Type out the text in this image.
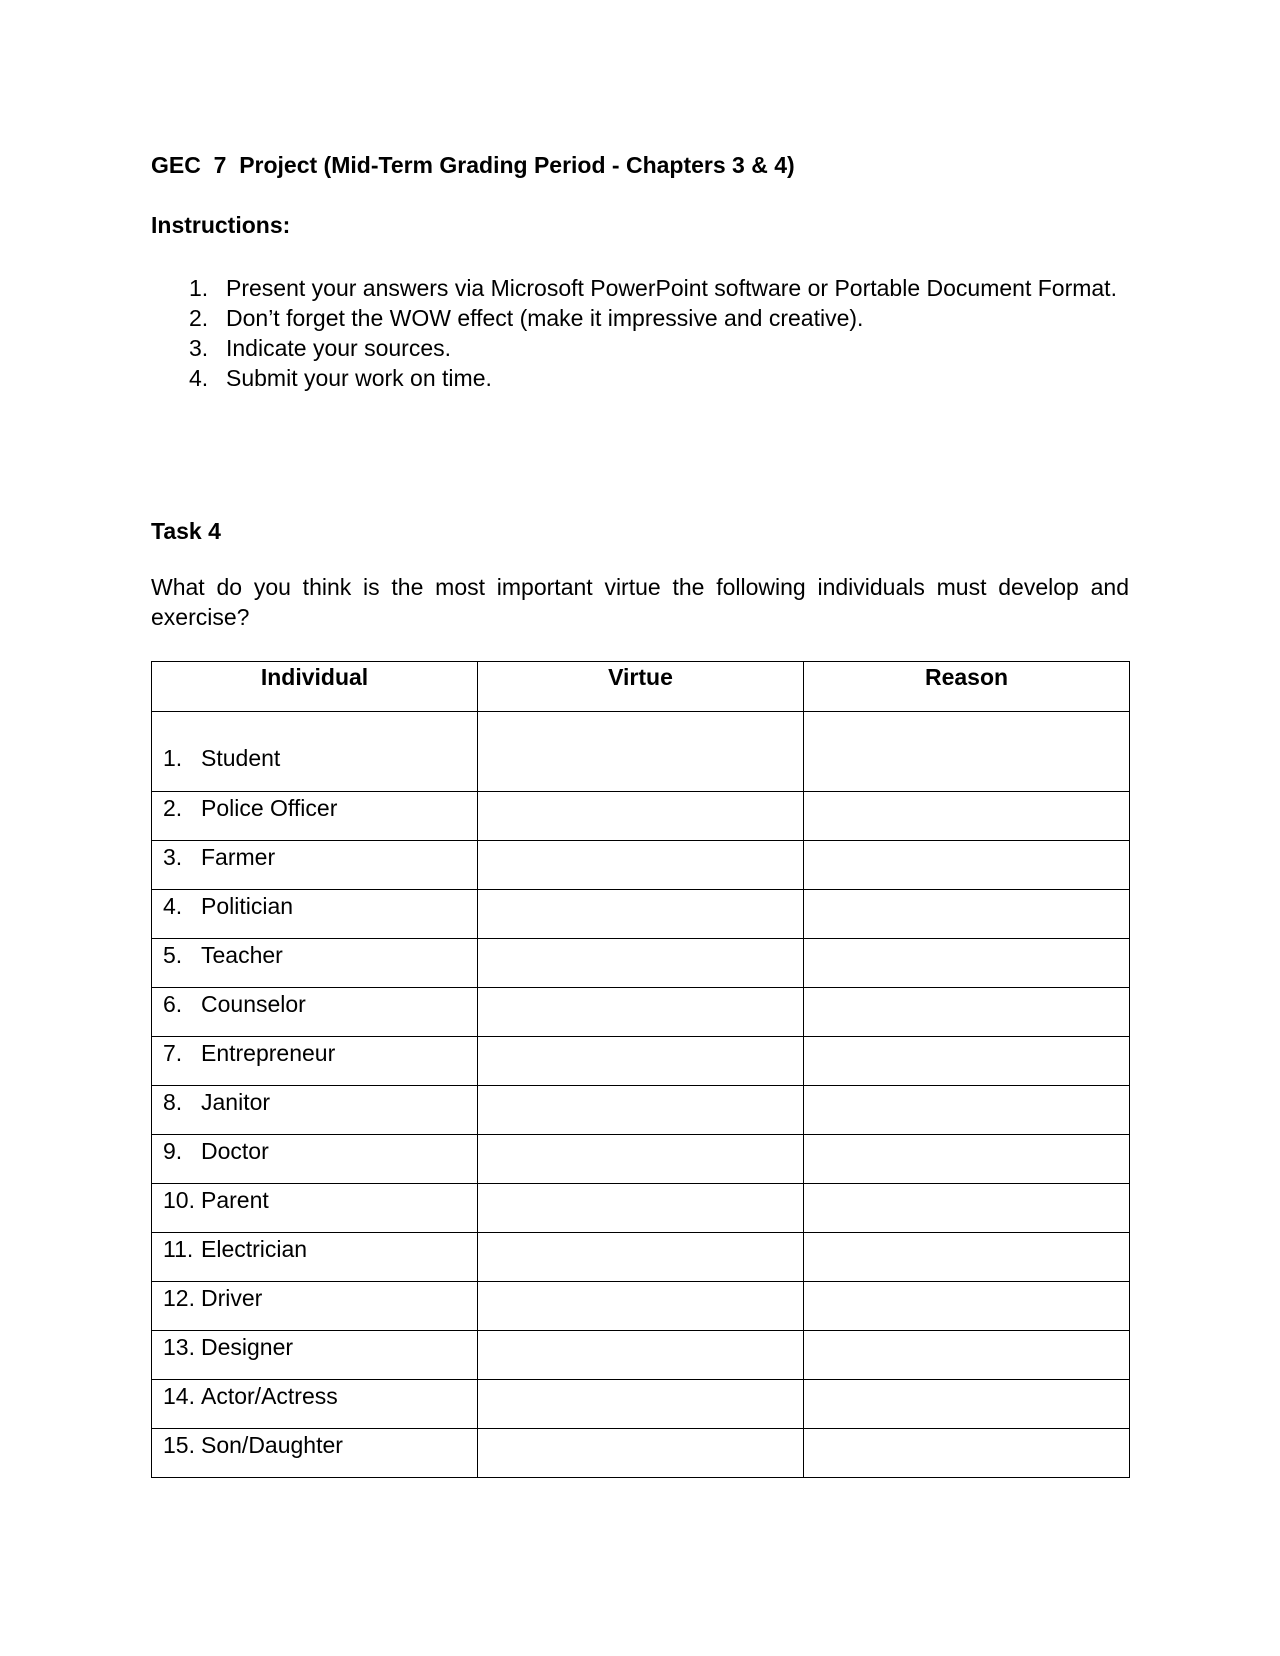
GEC  7  Project (Mid-Term Grading Period - Chapters 3 & 4)
Instructions:
1. Present your answers via Microsoft PowerPoint software or Portable Document Format.
2. Don’t forget the WOW effect (make it impressive and creative).
3. Indicate your sources.
4. Submit your work on time.
Task 4

What do you think is the most important virtue the following individuals must develop and exercise?

Individual	Virtue	Reason

1. Student		

2. Police Officer		

3. Farmer		

4. Politician		

5. Teacher		

6. Counselor		

7. Entrepreneur		

8. Janitor		

9. Doctor		

10. Parent		

11. Electrician		

12. Driver		

13. Designer		

14. Actor/Actress		

15. Son/Daughter		
